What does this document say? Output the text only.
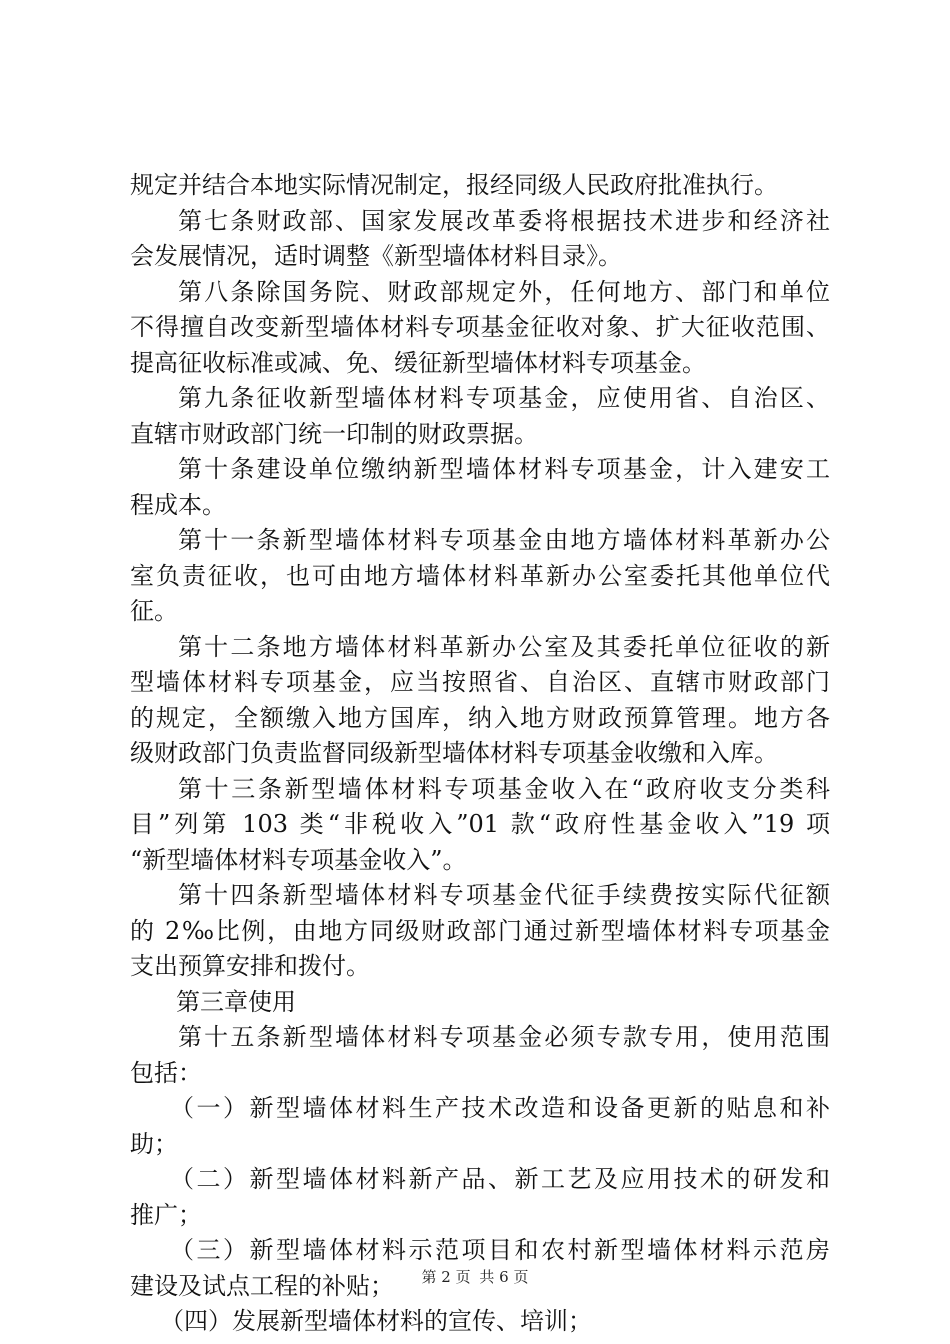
规定并结合本地实际情况制定，报经同级人民政府批准执行。
第七条财政部、国家发展改革委将根据技术进步和经济社
会发展情况，适时调整《新型墙体材料目录》。
第八条除国务院、财政部规定外，任何地方、部门和单位
不得擅自改变新型墙体材料专项基金征收对象、扩大征收范围、
提高征收标准或减、免、缓征新型墙体材料专项基金。
第九条征收新型墙体材料专项基金，应使用省、自治区、
直辖市财政部门统一印制的财政票据。
第十条建设单位缴纳新型墙体材料专项基金，计入建安工
程成本。
第十一条新型墙体材料专项基金由地方墙体材料革新办公
室负责征收，也可由地方墙体材料革新办公室委托其他单位代
征。
第十二条地方墙体材料革新办公室及其委托单位征收的新
型墙体材料专项基金，应当按照省、自治区、直辖市财政部门
的规定，全额缴入地方国库，纳入地方财政预算管理。地方各
级财政部门负责监督同级新型墙体材料专项基金收缴和入库。
第十三条新型墙体材料专项基金收入在“政府收支分类科
目”列第 103 类“非税收入”01 款“政府性基金收入”19 项
“新型墙体材料专项基金收入”。
第十四条新型墙体材料专项基金代征手续费按实际代征额
的 2‰比例，由地方同级财政部门通过新型墙体材料专项基金
支出预算安排和拨付。
第三章使用
第十五条新型墙体材料专项基金必须专款专用，使用范围
包括：
（一）新型墙体材料生产技术改造和设备更新的贴息和补
助；
（二）新型墙体材料新产品、新工艺及应用技术的研发和
推广；
（三）新型墙体材料示范项目和农村新型墙体材料示范房
建设及试点工程的补贴；
（四）发展新型墙体材料的宣传、培训；
第 2 页 共 6 页
